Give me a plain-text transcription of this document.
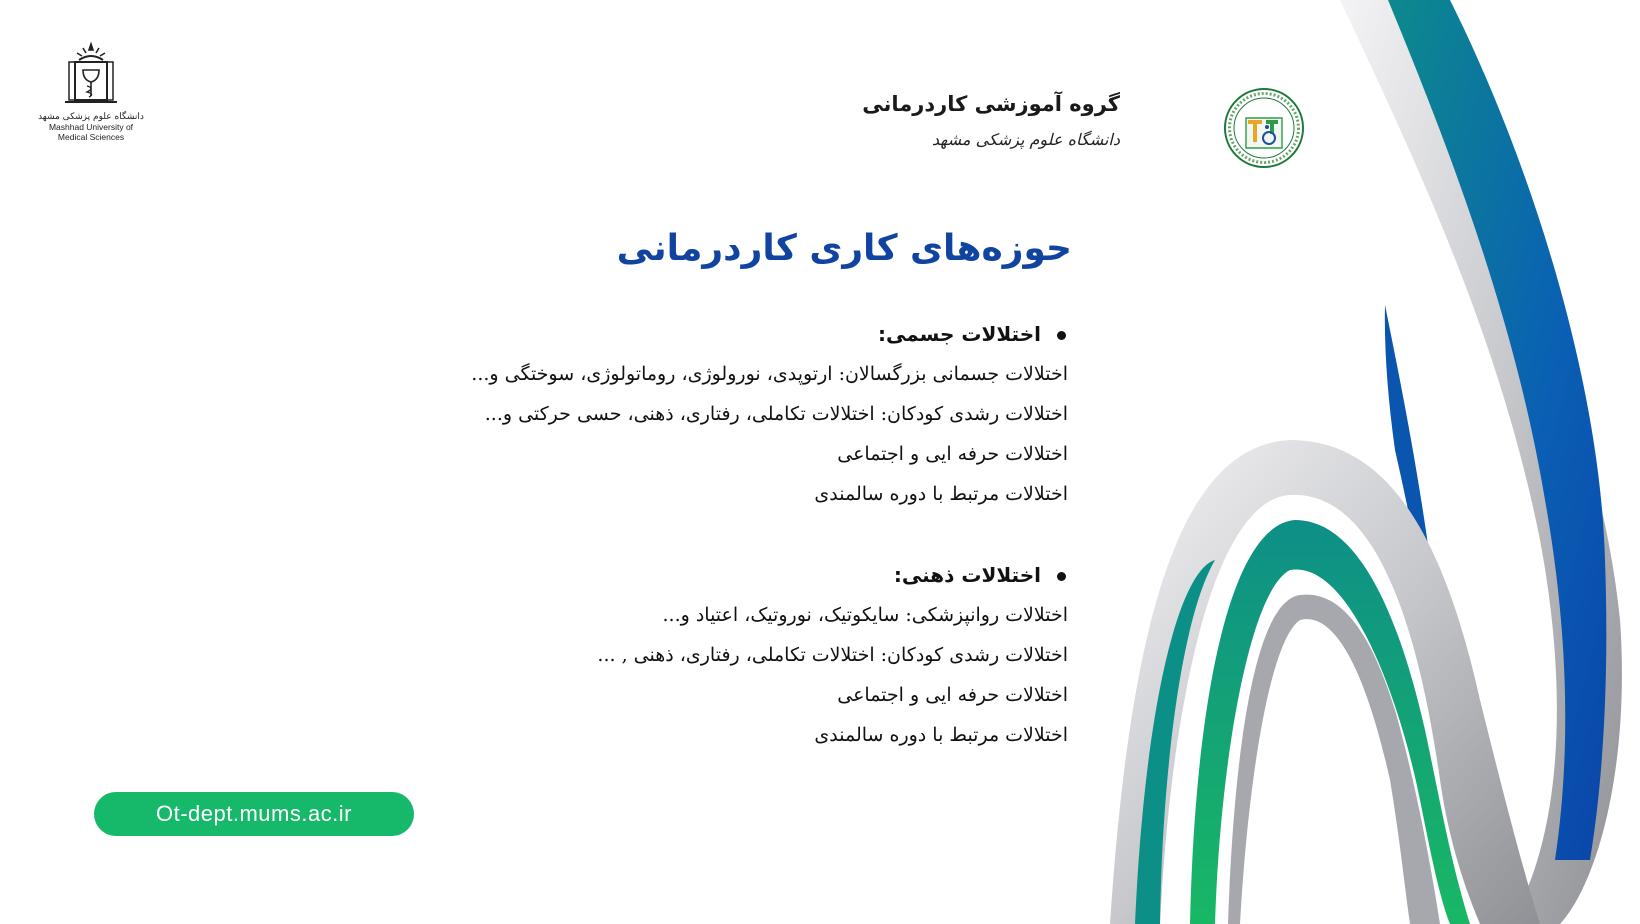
دانشگاه علوم پزشکی مشهد
Mashhad University of
Medical Sciences
گروه آموزشی کاردرمانی
دانشگاه علوم پزشکی مشهد
حوزه‌های کاری کاردرمانی
اختلالات جسمی:
اختلالات جسمانی بزرگسالان: ارتوپدی، نورولوژی، روماتولوژی، سوختگی و...
اختلالات رشدی کودکان: اختلالات تکاملی، رفتاری، ذهنی، حسی حرکتی و...
اختلالات حرفه ایی و اجتماعی
اختلالات مرتبط با دوره سالمندی
اختلالات ذهنی:
اختلالات روانپزشکی: سایکوتیک، نوروتیک، اعتیاد و...
اختلالات رشدی کودکان: اختلالات تکاملی، رفتاری، ذهنی , ...
اختلالات حرفه ایی و اجتماعی
اختلالات مرتبط با دوره سالمندی
Ot-dept.mums.ac.ir
